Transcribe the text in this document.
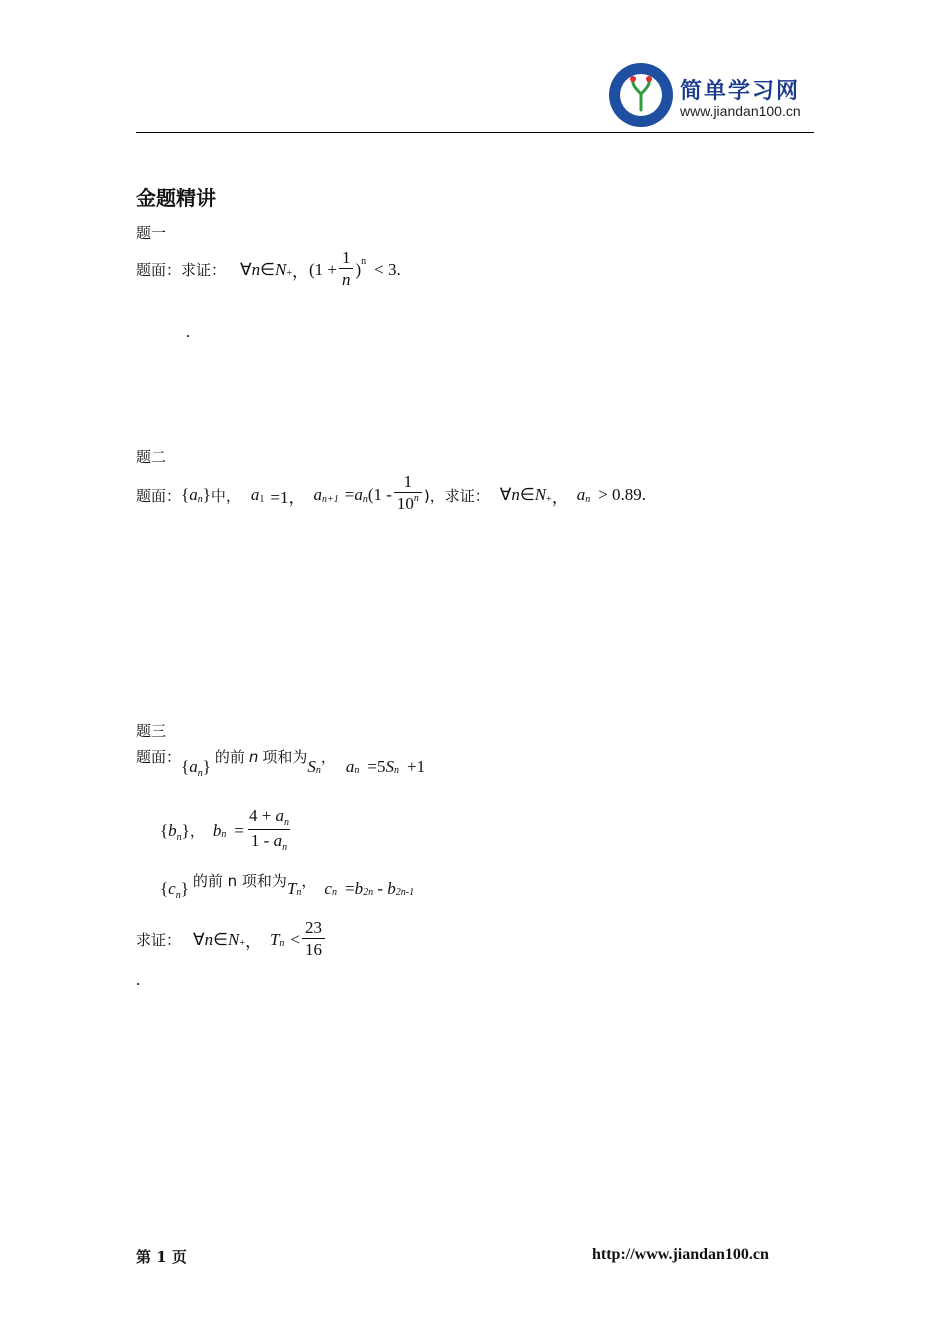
简单学习网
www.jiandan100.cn
金题精讲
题一
题面：求证： ∀ n ∈ N + ， ($1 + \frac{1}{n}$ ) n < 3 .
.
题二
题面： { a n } 中， a 1 =1， a n+1 = a n ($1 - \frac{1}{10^n}$ )，求证： ∀ n ∈ N + ， a n > 0.89 .
题三
题面： $\{a_n\}$ 的前 n 项和为 S n
， a n =5 S n +1
$\{b_n\}$ ， b $n = \frac{4 + a_n}{1 - a_n}$
$\{c_n\}$ 的前 n 项和为 T n
， c n = b 2n - b 2n-1
求证： ∀ n ∈ N + ， T $n < \frac{23}{16}$
.
第 1 页	http://www.jiandan100.cn
